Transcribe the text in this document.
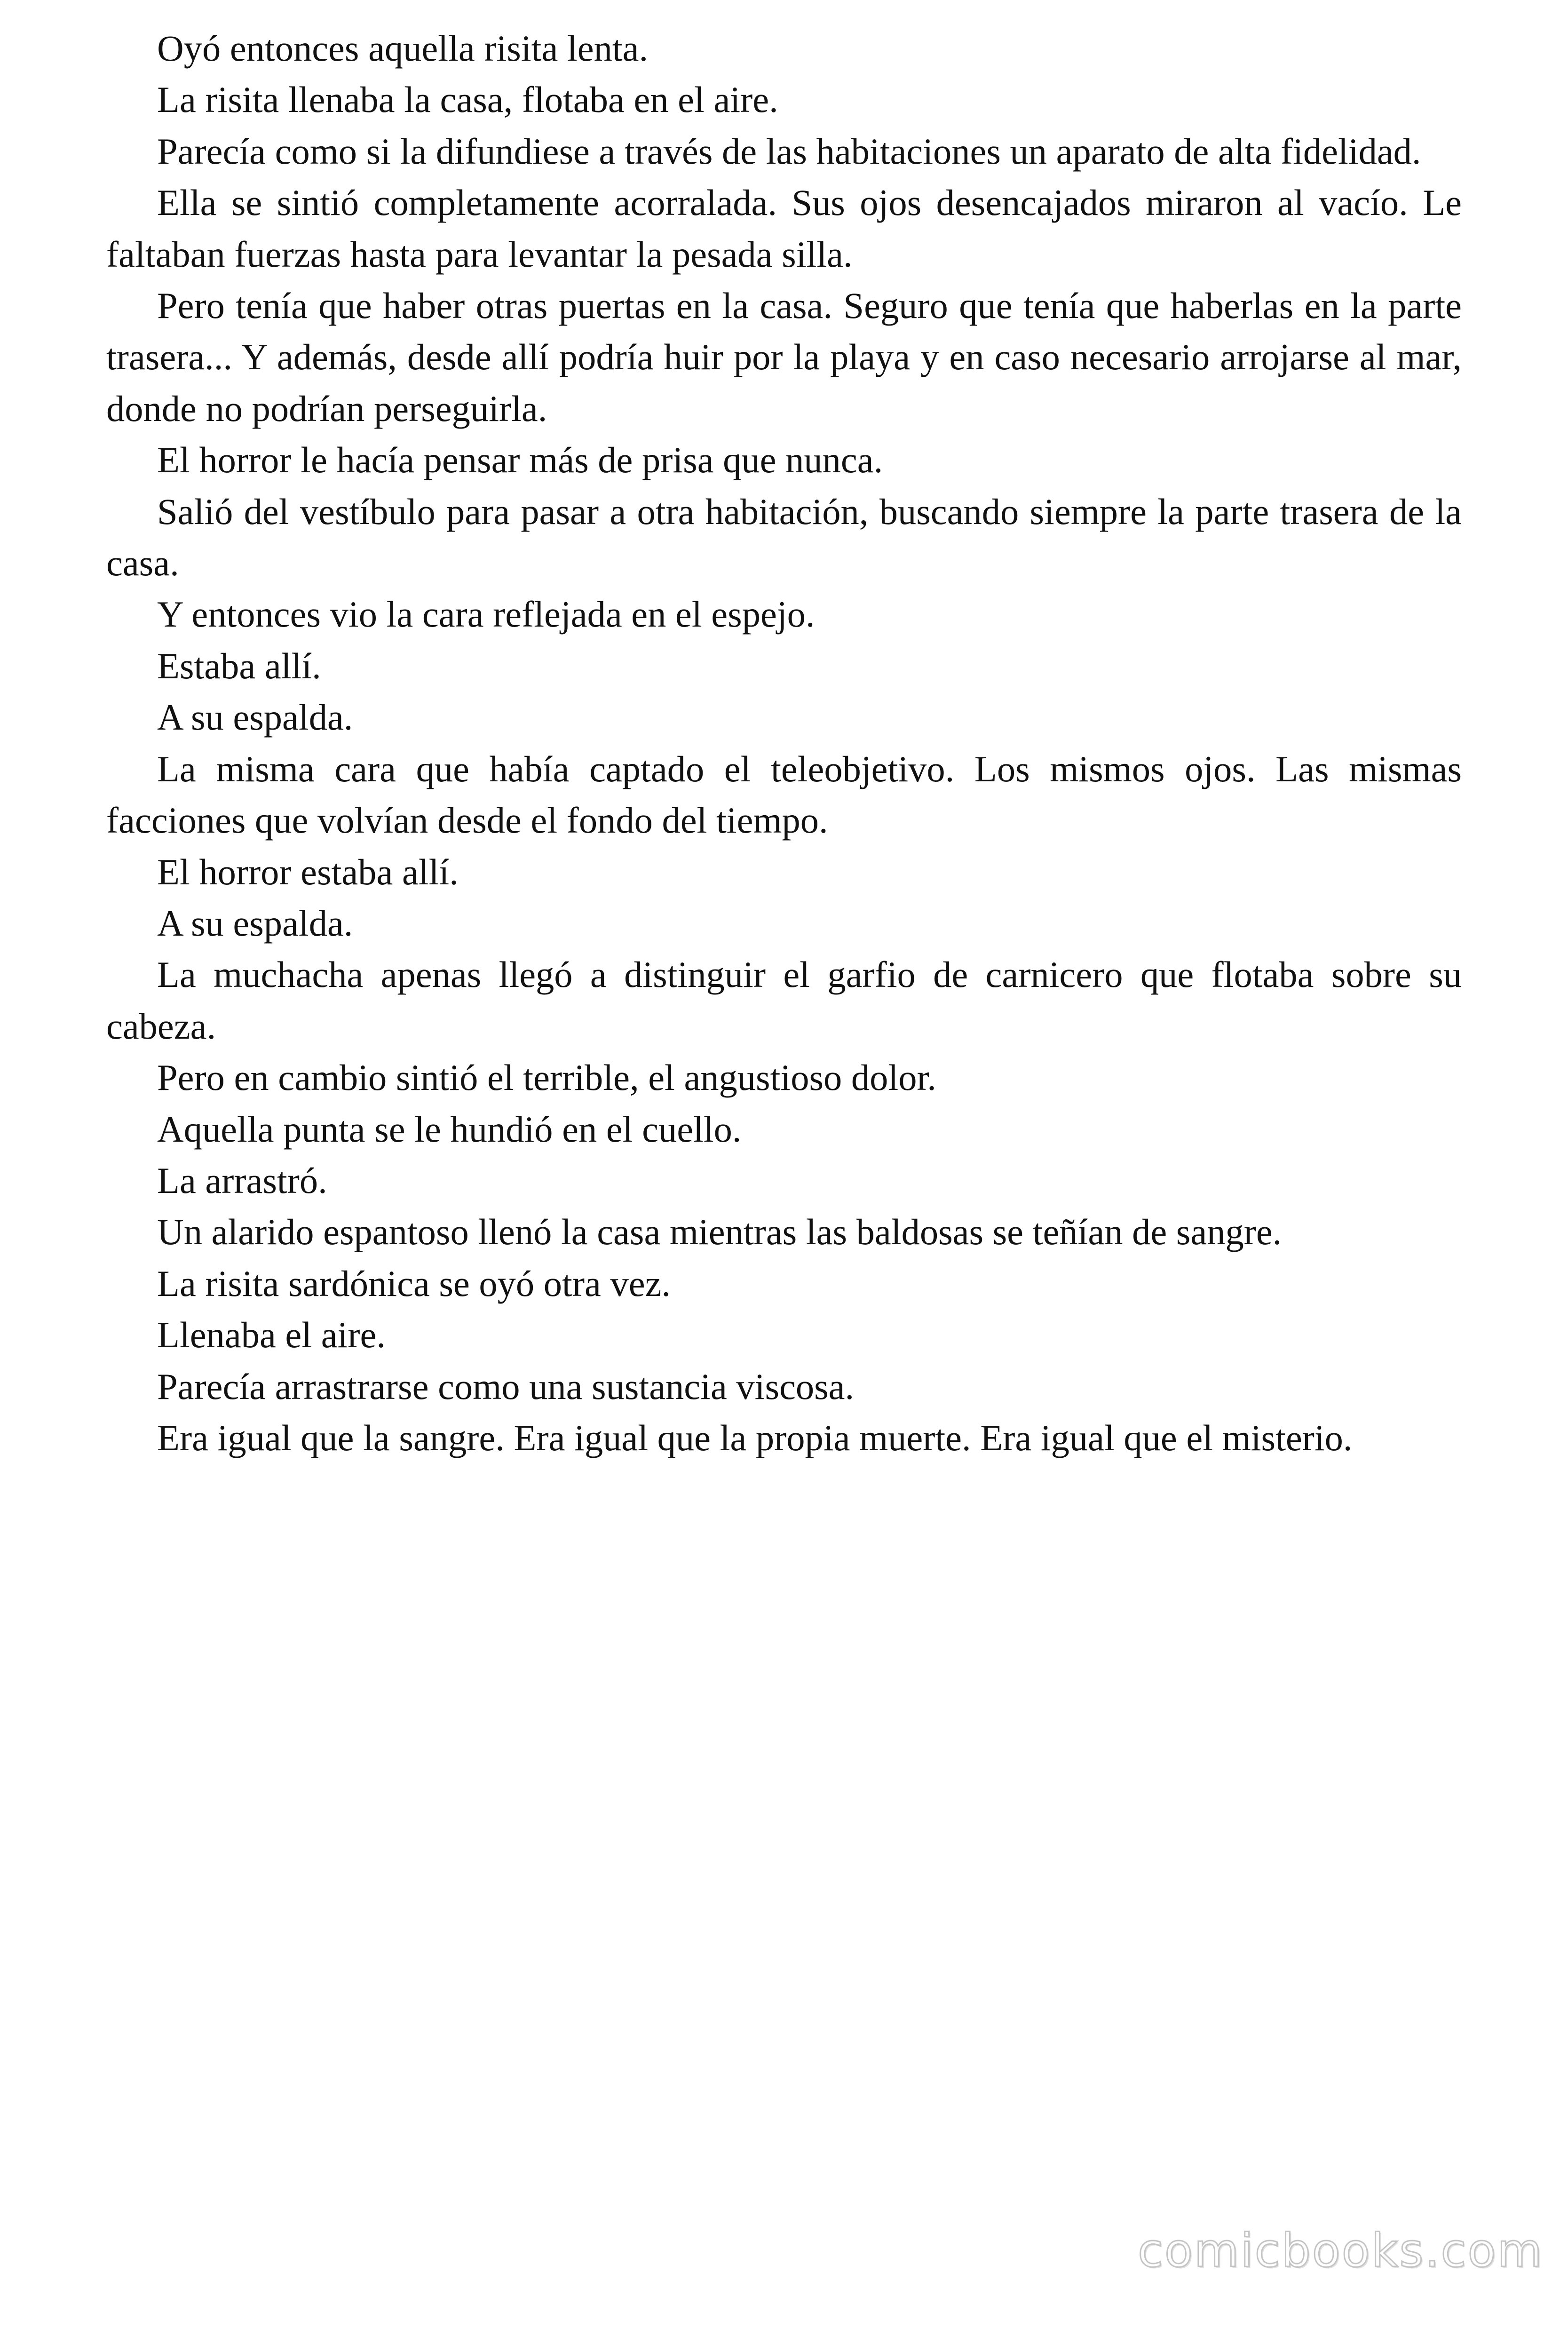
Oyó entonces aquella risita lenta.

La risita llenaba la casa, flotaba en el aire.

Parecía como si la difundiese a través de las habitaciones un aparato de alta fidelidad.

Ella se sintió completamente acorralada. Sus ojos desencajados miraron al vacío. Le faltaban fuerzas hasta para levantar la pesada silla.

Pero tenía que haber otras puertas en la casa. Seguro que tenía que haberlas en la parte trasera... Y además, desde allí podría huir por la playa y en caso necesario arrojarse al mar, donde no podrían perseguirla.

El horror le hacía pensar más de prisa que nunca.

Salió del vestíbulo para pasar a otra habitación, buscando siempre la parte trasera de la casa.

Y entonces vio la cara reflejada en el espejo.

Estaba allí.

A su espalda.

La misma cara que había captado el teleobjetivo. Los mismos ojos. Las mismas facciones que volvían desde el fondo del tiempo.

El horror estaba allí.

A su espalda.

La muchacha apenas llegó a distinguir el garfio de carnicero que flotaba sobre su cabeza.

Pero en cambio sintió el terrible, el angustioso dolor.

Aquella punta se le hundió en el cuello.

La arrastró.

Un alarido espantoso llenó la casa mientras las baldosas se teñían de sangre.

La risita sardónica se oyó otra vez.

Llenaba el aire.

Parecía arrastrarse como una sustancia viscosa.

Era igual que la sangre. Era igual que la propia muerte. Era igual que el misterio.

comicbooks.com
